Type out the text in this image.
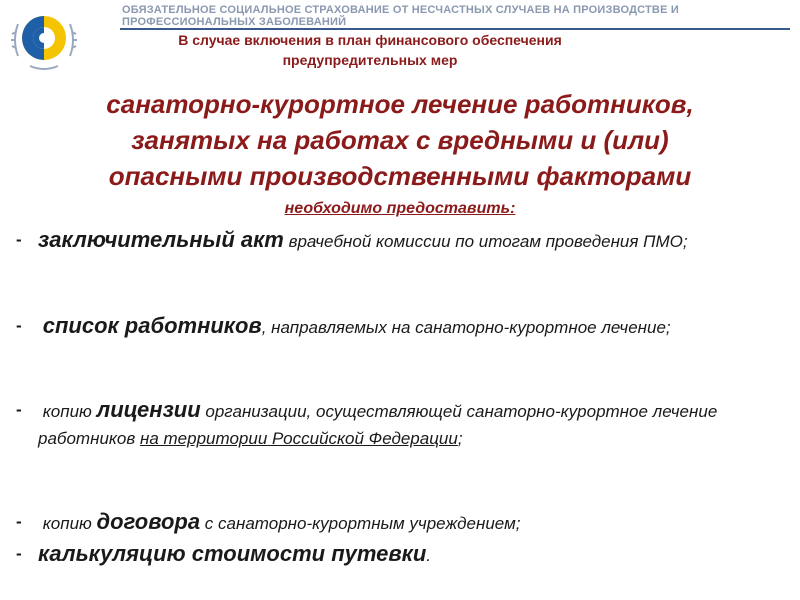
ОБЯЗАТЕЛЬНОЕ СОЦИАЛЬНОЕ СТРАХОВАНИЕ ОТ НЕСЧАСТНЫХ СЛУЧАЕВ НА ПРОИЗВОДСТВЕ И ПРОФЕССИОНАЛЬНЫХ ЗАБОЛЕВАНИЙ
В случае включения в план финансового обеспечения
предупредительных мер
санаторно-курортное лечение работников,
занятых на работах с вредными и (или)
опасными производственными факторами
необходимо предоставить:
- заключительный акт врачебной комиссии по итогам проведения ПМО;
- список работников, направляемых на санаторно-курортное лечение;
- копию лицензии организации, осуществляющей санаторно-курортное лечение работников на территории Российской Федерации;
- копию договора с санаторно-курортным учреждением;
- калькуляцию стоимости путевки.
